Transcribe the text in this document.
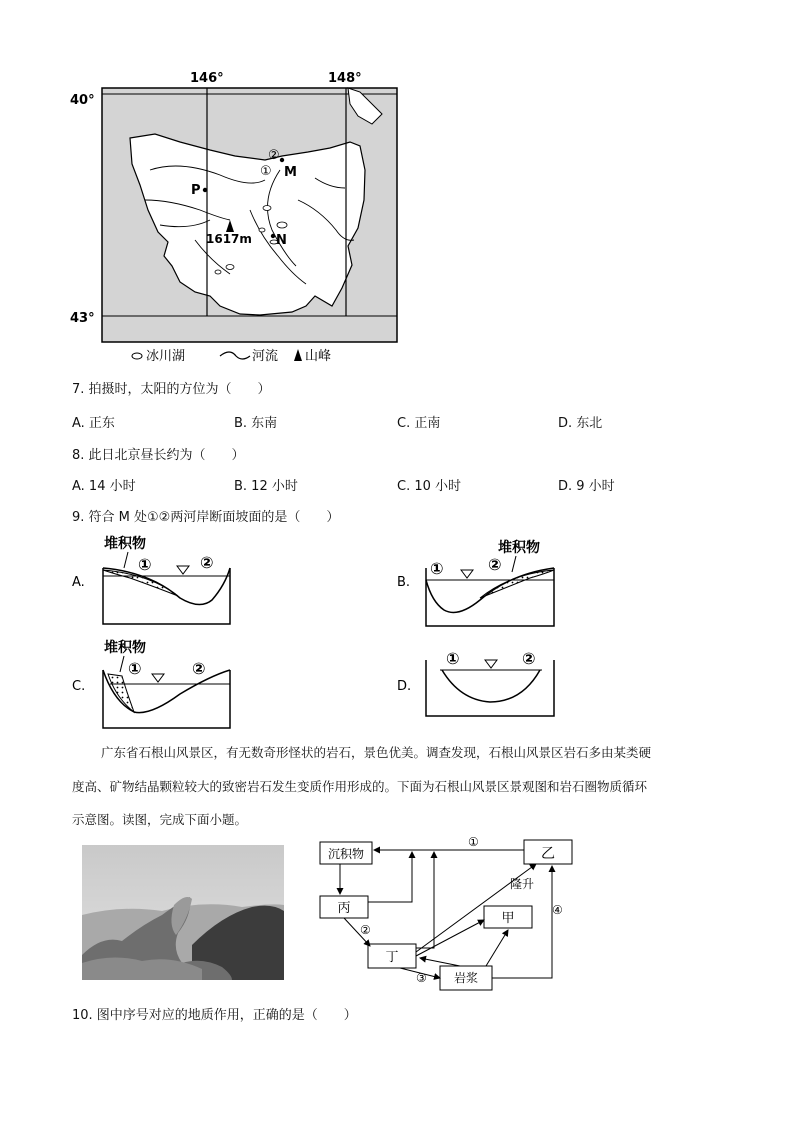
146°	148°
40°
43°
P
②
① M
N
1617m
冰川湖	河流 山峰
7. 拍摄时，太阳的方位为（　　）
A. 正东	B. 东南	C. 正南	D. 东北
8. 此日北京昼长约为（　　）
A. 14 小时	B. 12 小时	C. 10 小时	D. 9 小时
9. 符合 M 处①②两河岸断面坡面的是（　　）
A.
堆积物
①	②
B.
堆积物
①	②
C.
堆积物
①	②
D.
①	②
广东省石根山风景区，有无数奇形怪状的岩石，景色优美。调查发现，石根山风景区岩石多由某类硬
度高、矿物结晶颗粒较大的致密岩石发生变质作用形成的。下面为石根山风景区景观图和岩石圈物质循环
示意图。读图，完成下面小题。
沉积物	乙
丙
甲
丁
岩浆
①
②
③
④
隆升
10. 图中序号对应的地质作用，正确的是（　　）
